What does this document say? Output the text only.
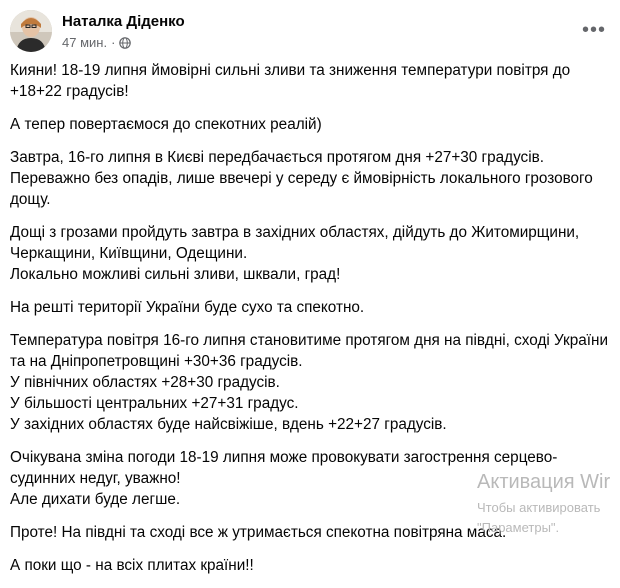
Наталка Діденко
47 мин. ·
•••

Кияни! 18-19 липня ймовірні сильні зливи та зниження температури повітря до +18+22 градусів!

А тепер повертаємося до спекотних реалій)

Завтра, 16-го липня в Києві передбачається протягом дня +27+30 градусів.
Переважно без опадів, лише ввечері у середу є ймовірність локального грозового дощу.

Дощі з грозами пройдуть завтра в західних областях, дійдуть до Житомирщини, Черкащини, Київщини, Одещини.
Локально можливі сильні зливи, шквали, град!

На решті території України буде сухо та спекотно.

Температура повітря 16-го липня становитиме протягом дня на півдні, сході України та на Дніпропетровщині +30+36 градусів.
У північних областях +28+30 градусів.
У більшості центральних +27+31 градус.
У західних областях буде найсвіжіше, вдень +22+27 градусів.

Очікувана зміна погоди 18-19 липня може провокувати загострення серцево-судинних недуг, уважно!
Але дихати буде легше.

Проте! На півдні та сході все ж утримається спекотна повітряна маса.

А поки що - на всіх плитах країни!!

Активация Wir
Чтобы активировать
"Параметры".
